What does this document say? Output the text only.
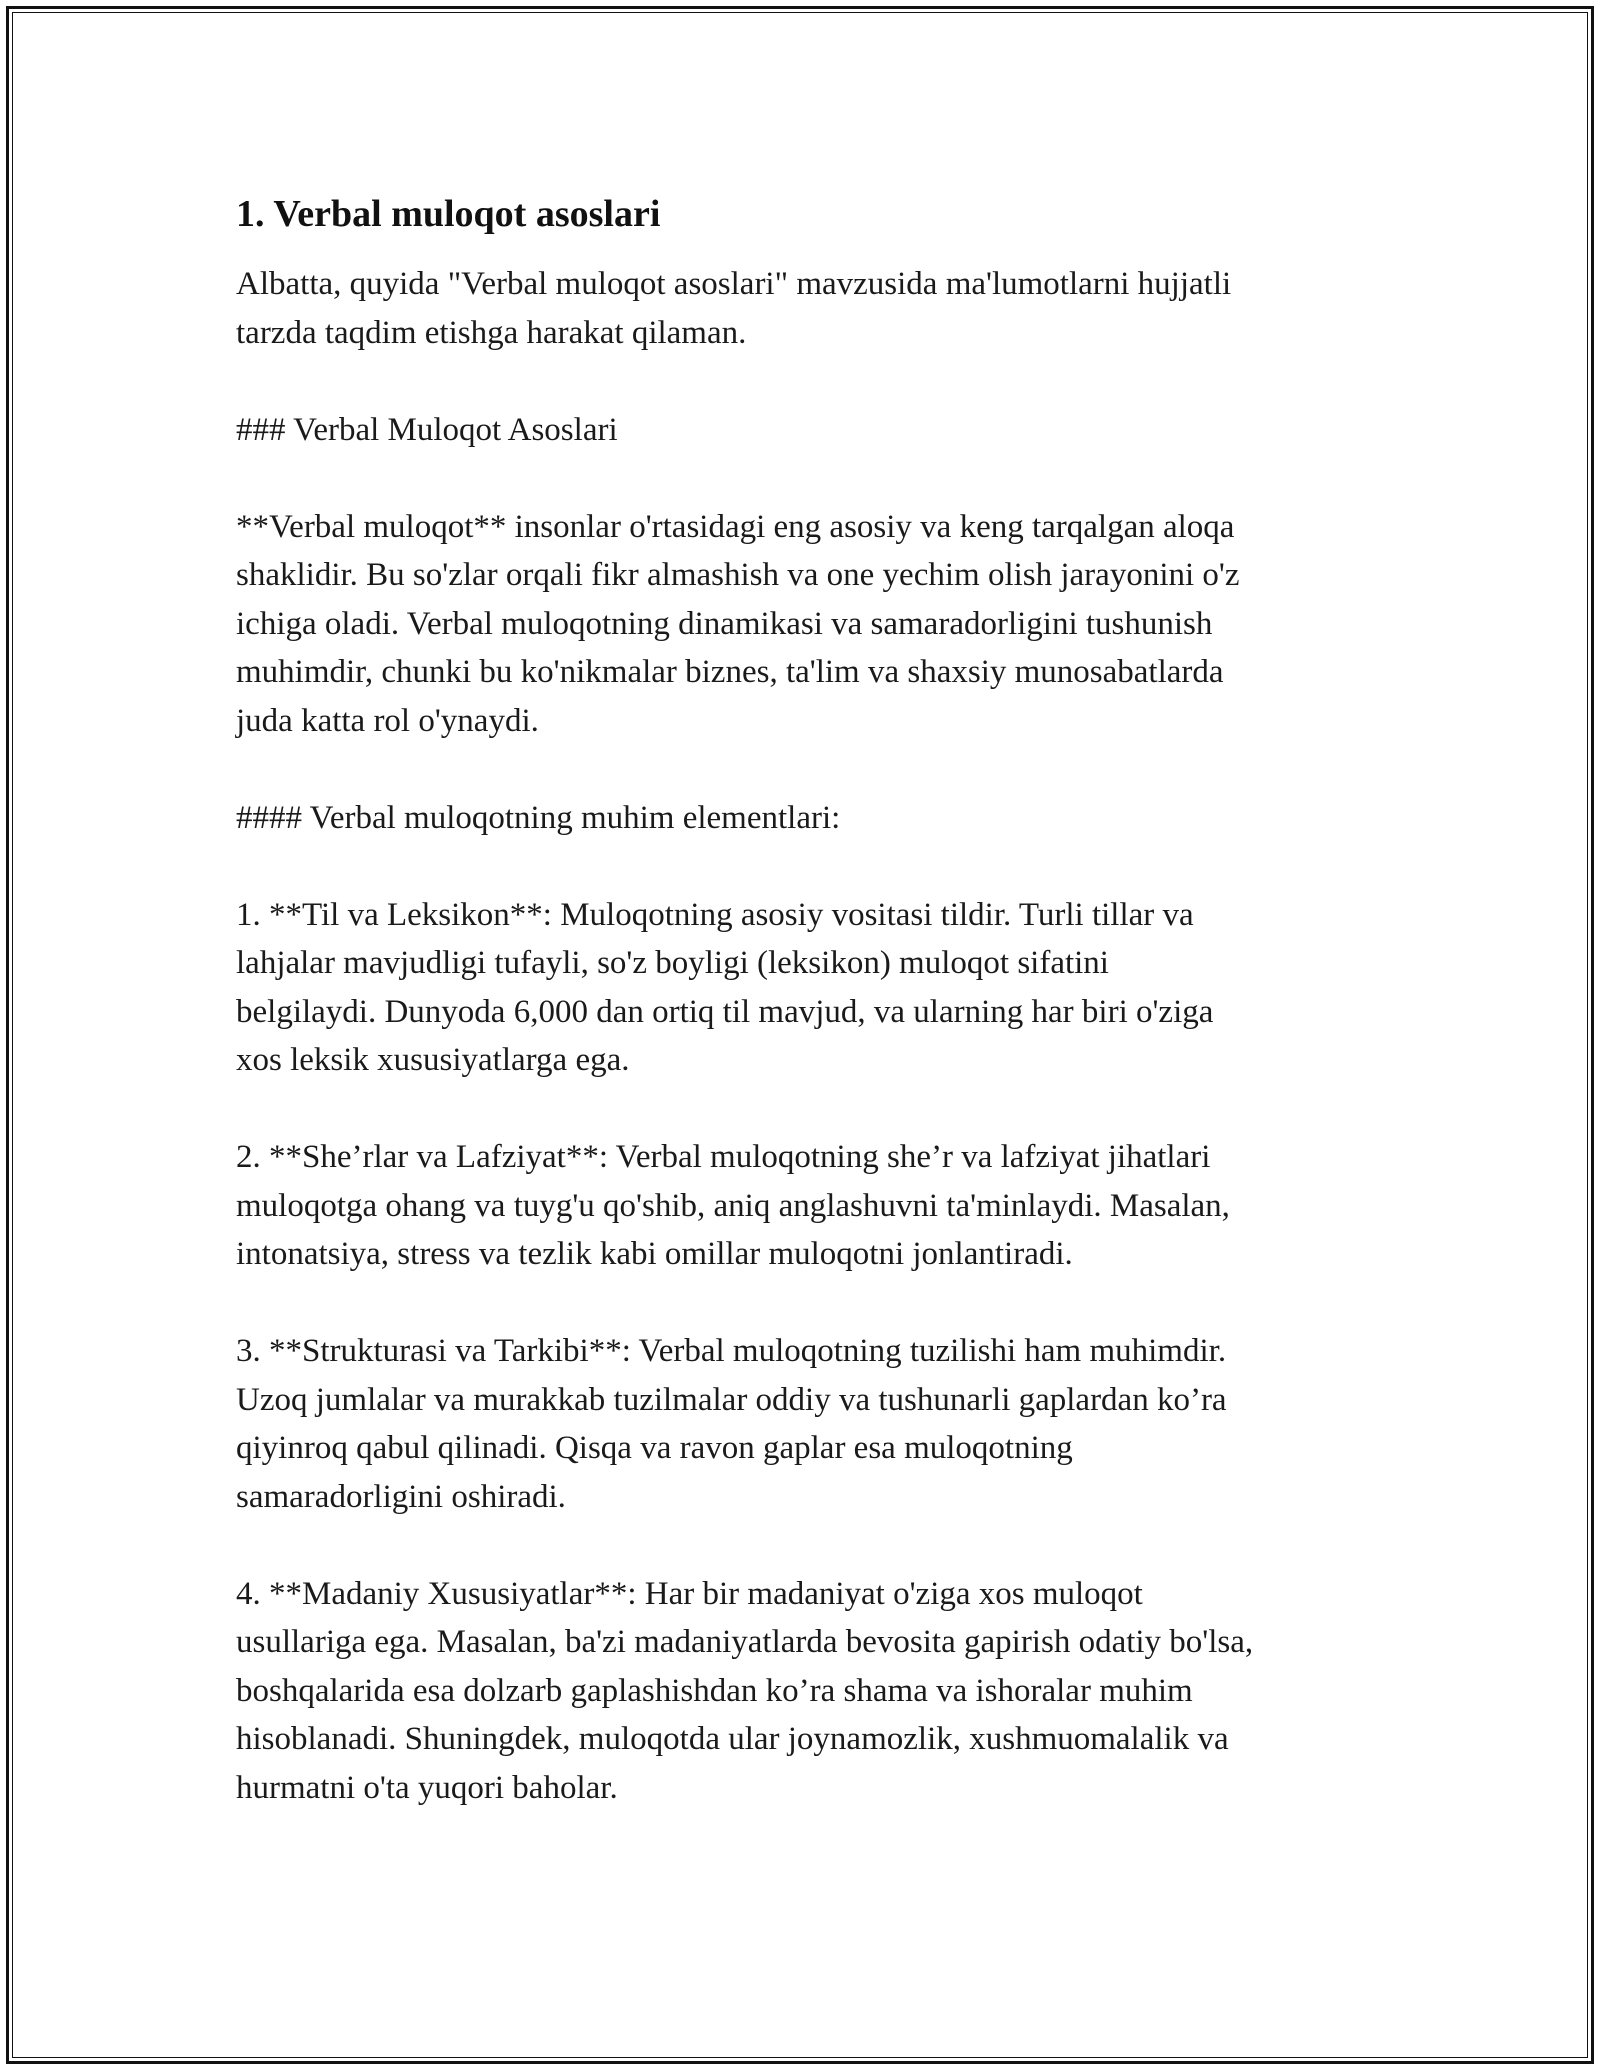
1. Verbal muloqot asoslari

Albatta, quyida "Verbal muloqot asoslari" mavzusida ma'lumotlarni hujjatli
tarzda taqdim etishga harakat qilaman.

### Verbal Muloqot Asoslari

**Verbal muloqot** insonlar o'rtasidagi eng asosiy va keng tarqalgan aloqa
shaklidir. Bu so'zlar orqali fikr almashish va one yechim olish jarayonini o'z
ichiga oladi. Verbal muloqotning dinamikasi va samaradorligini tushunish
muhimdir, chunki bu ko'nikmalar biznes, ta'lim va shaxsiy munosabatlarda
juda katta rol o'ynaydi.

#### Verbal muloqotning muhim elementlari:

1. **Til va Leksikon**: Muloqotning asosiy vositasi tildir. Turli tillar va
lahjalar mavjudligi tufayli, so'z boyligi (leksikon) muloqot sifatini
belgilaydi. Dunyoda 6,000 dan ortiq til mavjud, va ularning har biri o'ziga
xos leksik xususiyatlarga ega.

2. **She’rlar va Lafziyat**: Verbal muloqotning she’r va lafziyat jihatlari
muloqotga ohang va tuyg'u qo'shib, aniq anglashuvni ta'minlaydi. Masalan,
intonatsiya, stress va tezlik kabi omillar muloqotni jonlantiradi.

3. **Strukturasi va Tarkibi**: Verbal muloqotning tuzilishi ham muhimdir.
Uzoq jumlalar va murakkab tuzilmalar oddiy va tushunarli gaplardan ko’ra
qiyinroq qabul qilinadi. Qisqa va ravon gaplar esa muloqotning
samaradorligini oshiradi.

4. **Madaniy Xususiyatlar**: Har bir madaniyat o'ziga xos muloqot
usullariga ega. Masalan, ba'zi madaniyatlarda bevosita gapirish odatiy bo'lsa,
boshqalarida esa dolzarb gaplashishdan ko’ra shama va ishoralar muhim
hisoblanadi. Shuningdek, muloqotda ular joynamozlik, xushmuomalalik va
hurmatni o'ta yuqori baholar.
